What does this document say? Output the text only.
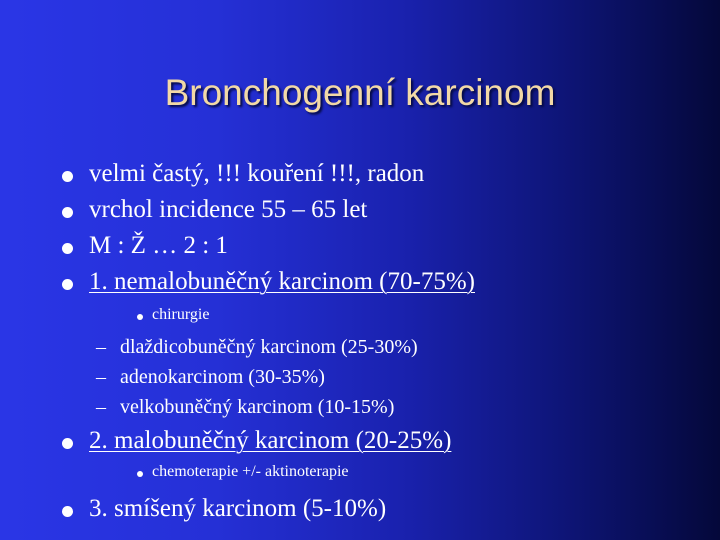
Bronchogenní karcinom
velmi častý, !!! kouření !!!, radon
vrchol incidence 55 – 65 let
M : Ž … 2 : 1
1. nemalobuněčný karcinom (70-75%)
chirurgie
– dlaždicobuněčný karcinom (25-30%)
– adenokarcinom (30-35%)
– velkobuněčný karcinom (10-15%)
2. malobuněčný karcinom (20-25%)
chemoterapie +/- aktinoterapie
3. smíšený karcinom (5-10%)
